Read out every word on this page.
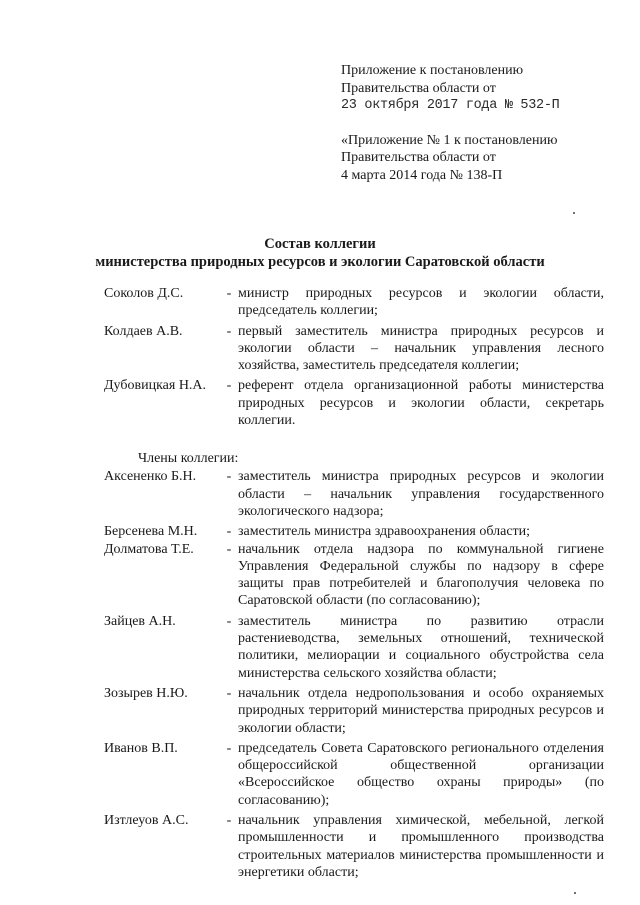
Приложение к постановлению
Правительства области от
23 октября 2017 года № 532-П
«Приложение № 1 к постановлению
Правительства области от
4 марта 2014 года № 138-П
Состав коллегии
министерства природных ресурсов и экологии Саратовской области
Соколов Д.С.	- министр природных ресурсов и экологии области, председатель коллегии;
Колдаев А.В.	- первый заместитель министра природных ресурсов и экологии области – начальник управления лесного хозяйства, заместитель председателя коллегии;
Дубовицкая Н.А.	- референт отдела организационной работы министерства природных ресурсов и экологии области, секретарь коллегии.
Члены коллегии:
Аксененко Б.Н.	- заместитель министра природных ресурсов и экологии области – начальник управления государственного экологического надзора;
Берсенева М.Н.	- заместитель министра здравоохранения области;
Долматова Т.Е.	- начальник отдела надзора по коммунальной гигиене Управления Федеральной службы по надзору в сфере защиты прав потребителей и благополучия человека по Саратовской области (по согласованию);
Зайцев А.Н.	- заместитель министра по развитию отрасли растениеводства, земельных отношений, технической политики, мелиорации и социального обустройства села министерства сельского хозяйства области;
Зозырев Н.Ю.	- начальник отдела недропользования и особо охраняемых природных территорий министерства природных ресурсов и экологии области;
Иванов В.П.	- председатель Совета Саратовского регионального отделения общероссийской общественной организации «Всероссийское общество охраны природы» (по согласованию);
Изтлеуов А.С.	- начальник управления химической, мебельной, легкой промышленности и промышленного производства строительных материалов министерства промышленности и энергетики области;
